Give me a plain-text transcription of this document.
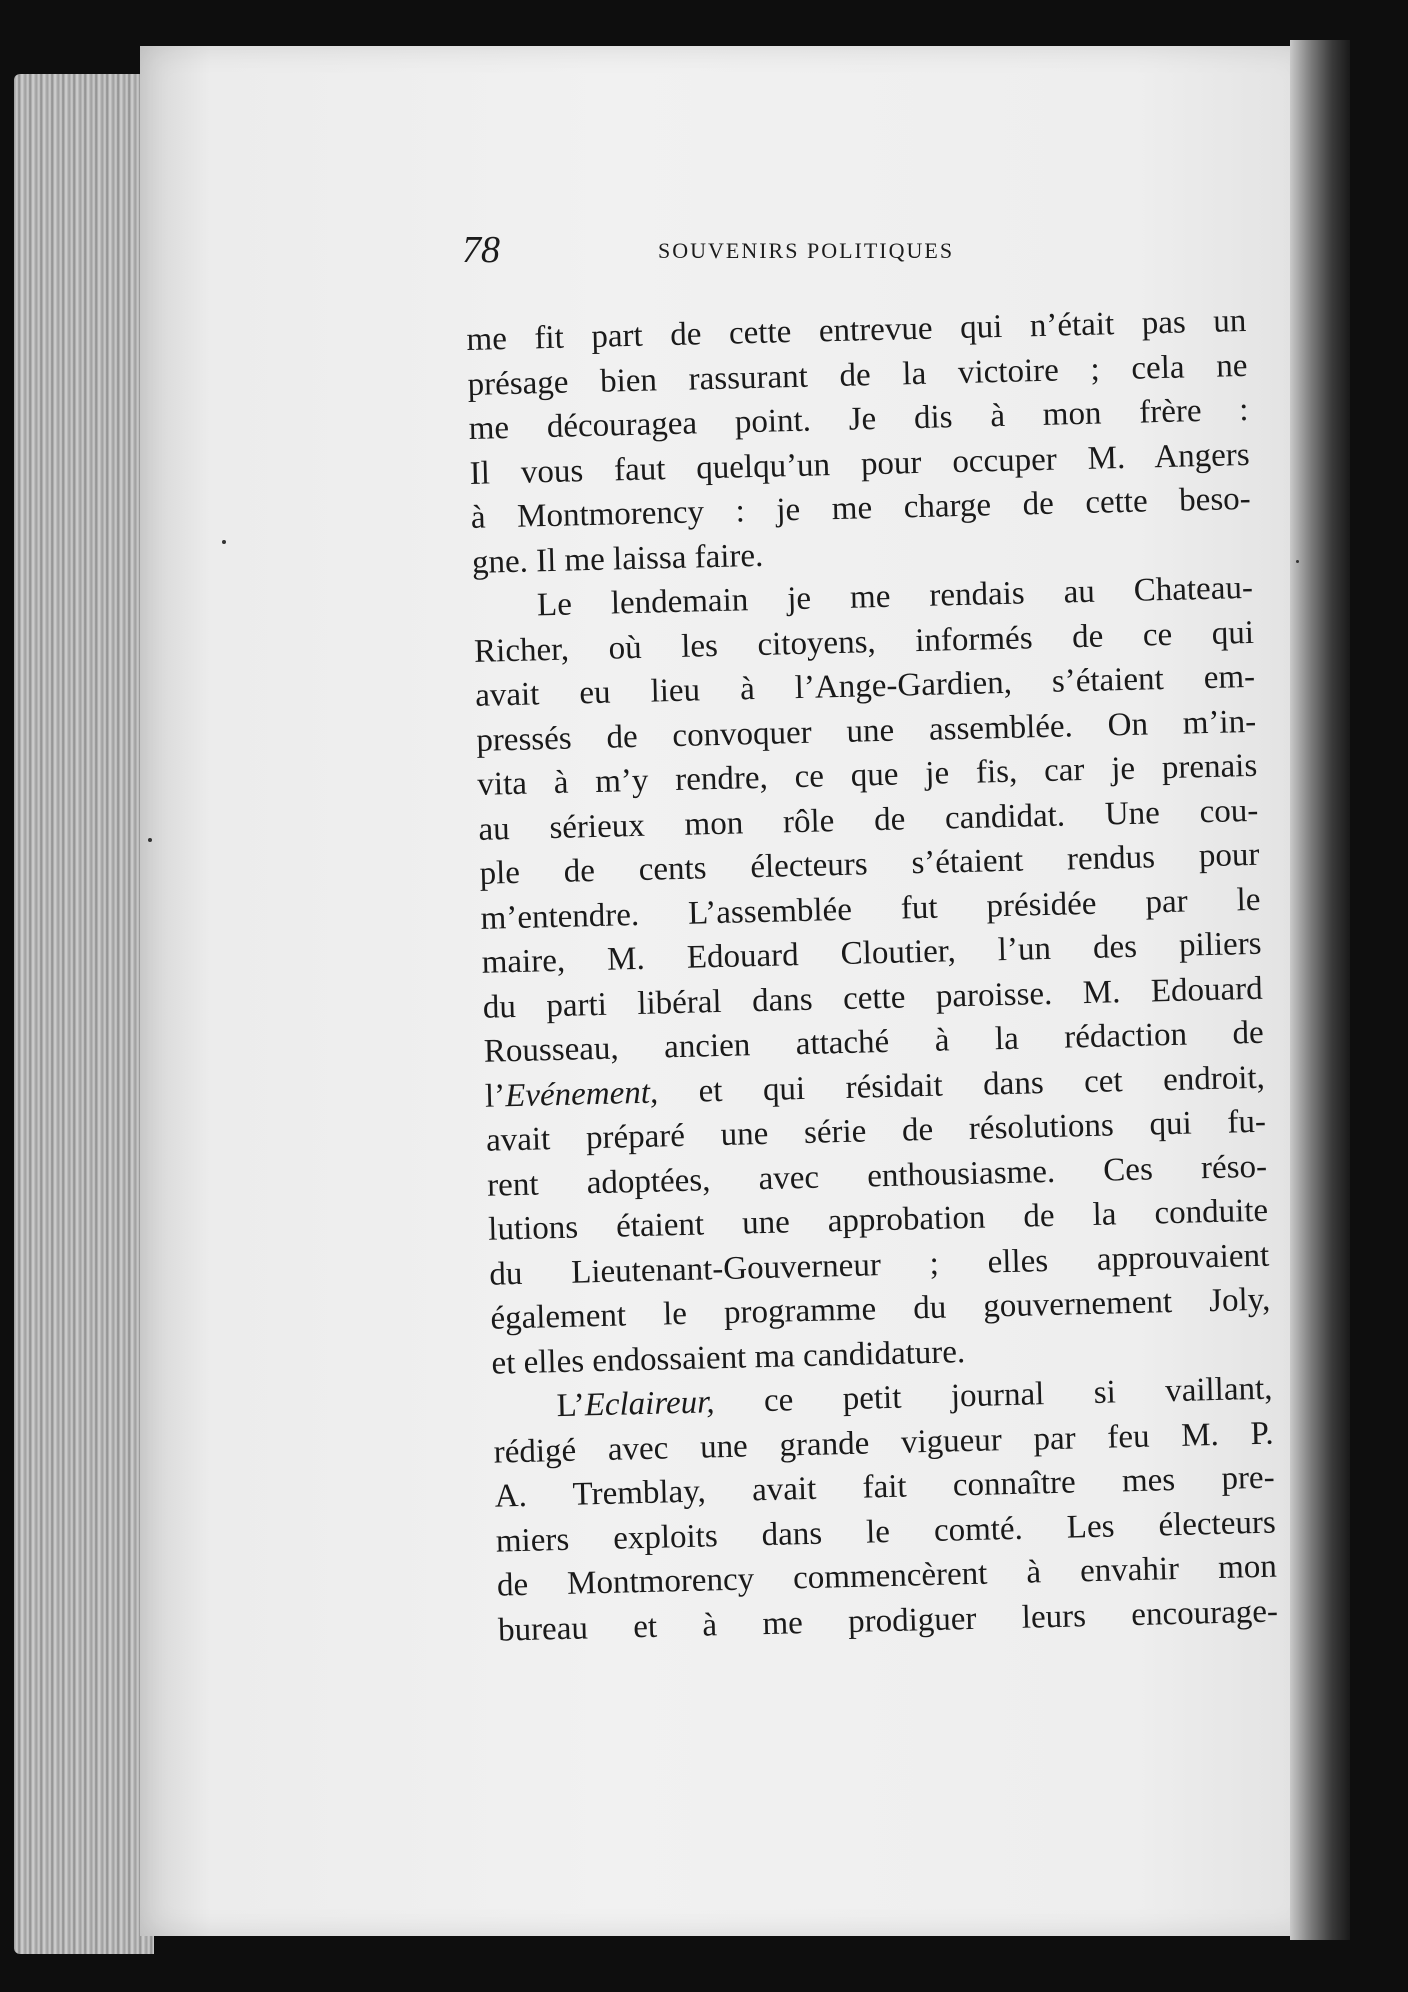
78	SOUVENIRS POLITIQUES
me fit part de cette entrevue qui n’était pas un
présage bien rassurant de la victoire ; cela ne
me découragea point. Je dis à mon frère :
Il vous faut quelqu’un pour occuper M. Angers
à Montmorency : je me charge de cette beso-
gne. Il me laissa faire.
Le lendemain je me rendais au Chateau-
Richer, où les citoyens, informés de ce qui
avait eu lieu à l’Ange-Gardien, s’étaient em-
pressés de convoquer une assemblée. On m’in-
vita à m’y rendre, ce que je fis, car je prenais
au sérieux mon rôle de candidat. Une cou-
ple de cents électeurs s’étaient rendus pour
m’entendre. L’assemblée fut présidée par le
maire, M. Edouard Cloutier, l’un des piliers
du parti libéral dans cette paroisse. M. Edouard
Rousseau, ancien attaché à la rédaction de
l’Evénement, et qui résidait dans cet endroit,
avait préparé une série de résolutions qui fu-
rent adoptées, avec enthousiasme. Ces réso-
lutions étaient une approbation de la conduite
du Lieutenant-Gouverneur ; elles approuvaient
également le programme du gouvernement Joly,
et elles endossaient ma candidature.
L’Eclaireur, ce petit journal si vaillant,
rédigé avec une grande vigueur par feu M. P.
A. Tremblay, avait fait connaître mes pre-
miers exploits dans le comté. Les électeurs
de Montmorency commencèrent à envahir mon
bureau et à me prodiguer leurs encourage-
